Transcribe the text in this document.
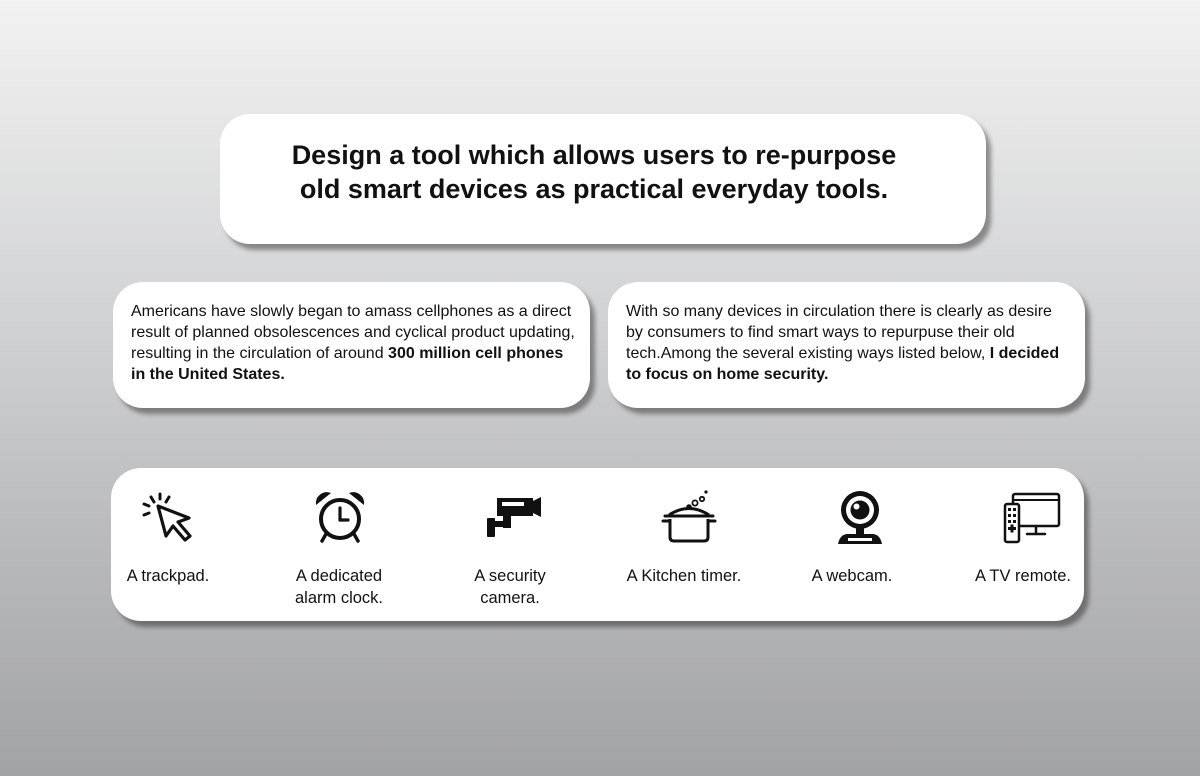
Design a tool which allows users to re-purpose
old smart devices as practical everyday tools.

Americans have slowly began to amass cellphones as a direct result of planned obsolescences and cyclical product updating, resulting in the circulation of around 300 million cell phones in the United States.

With so many devices in circulation there is clearly as desire by consumers to find smart ways to repurpuse their old tech.Among the several existing ways listed below, I decided to focus on home security.

A trackpad.	A dedicated
alarm clock.
A security
camera.
A Kitchen timer.	A webcam.	A TV remote.
